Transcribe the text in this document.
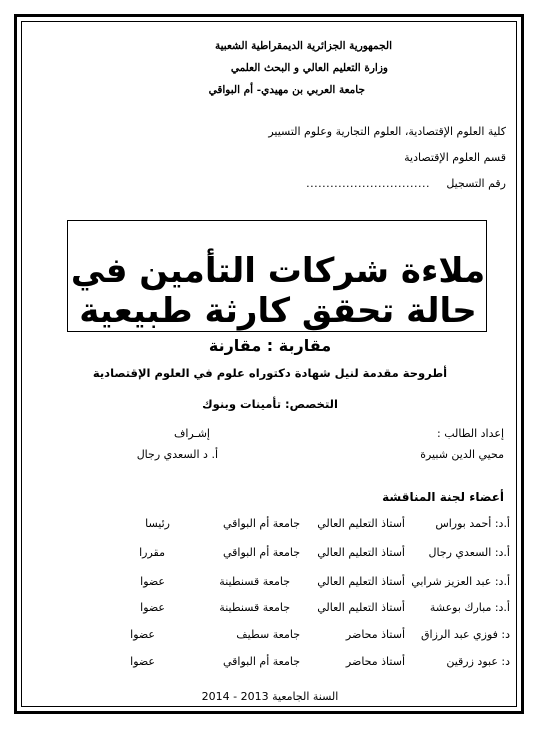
الجمهورية الجزائرية الديمقراطية الشعبية
وزارة التعليم العالي و البحث العلمي
جامعة العربي بن مهيدي- أم البواقي
كلية العلوم الإقتصادية، العلوم التجارية وعلوم التسيير
قسم العلوم الإقتصادية
رقم التسجيل
...............................
ملاءة شركات التأمين في حالة تحقق كارثة طبيعية
مقاربة : مقارنة
أطروحة مقدمة لنيل شهادة دكتوراه علوم في العلوم الإقتصادية
التخصص: تأمينات وبنوك
إعداد الطالب :
محيي الدين شبيرة
إشـراف
أ. د السعدي رجال
أعضاء لجنة المناقشة
أ.د: أحمد بوراس
أستاذ التعليم العالي
جامعة أم البواقي
رئيسا
أ.د: السعدي رجال
أستاذ التعليم العالي
جامعة أم البواقي
مقررا
أ.د: عبد العزيز شرابي
أستاذ التعليم العالي
جامعة قسنطينة
عضوا
أ.د: مبارك بوعشة
أستاذ التعليم العالي
جامعة قسنطينة
عضوا
د: فوزي عبد الرزاق
أستاذ محاضر
جامعة سطيف
عضوا
د: عبود زرقين
أستاذ محاضر
جامعة أم البواقي
عضوا
السنة الجامعية 2013 - 2014
